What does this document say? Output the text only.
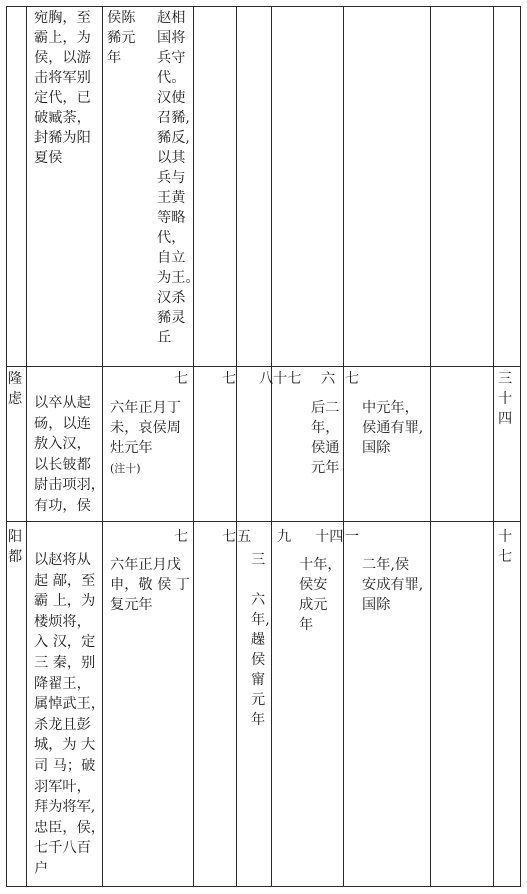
宛胸，至
霸上，为
侯，以游
击将军别
定代，已
破臧荼，
封豨为阳
夏侯
侯陈
豨元
年
赵相
国将
兵守
代。
汉使
召豨,
豨反,
以其
兵与
王黄
等略
代，
自立
为王。
汉杀
豨灵
丘
隆
虑 以卒从起
砀，以连
敖入汉，
以长铍都
尉击项羽，
有功，侯
七
六年正月丁
未，哀侯周
灶元年
(注十)
七 八 十七 六
后二
年，
侯通
元年
七
中元年，
侯通有罪,
国除
三
十
四
阳
都 以赵将从
起 鄗，至
霸 上，为
楼烦将，
入 汉，定
三 秦，别
降翟王，
属悼武王，
杀龙且彭
城，为 大
司 马；破
羽军叶，
拜为将军,
忠臣，侯，
七千八百
户
七
六年正月戊
申，敬 侯 丁
复元年
七 五
三

六
年,
趮
侯
甯
元
年
九 十四
十年，
侯安
成元
年
一
二年,侯
安成有罪,
国除
十
七
